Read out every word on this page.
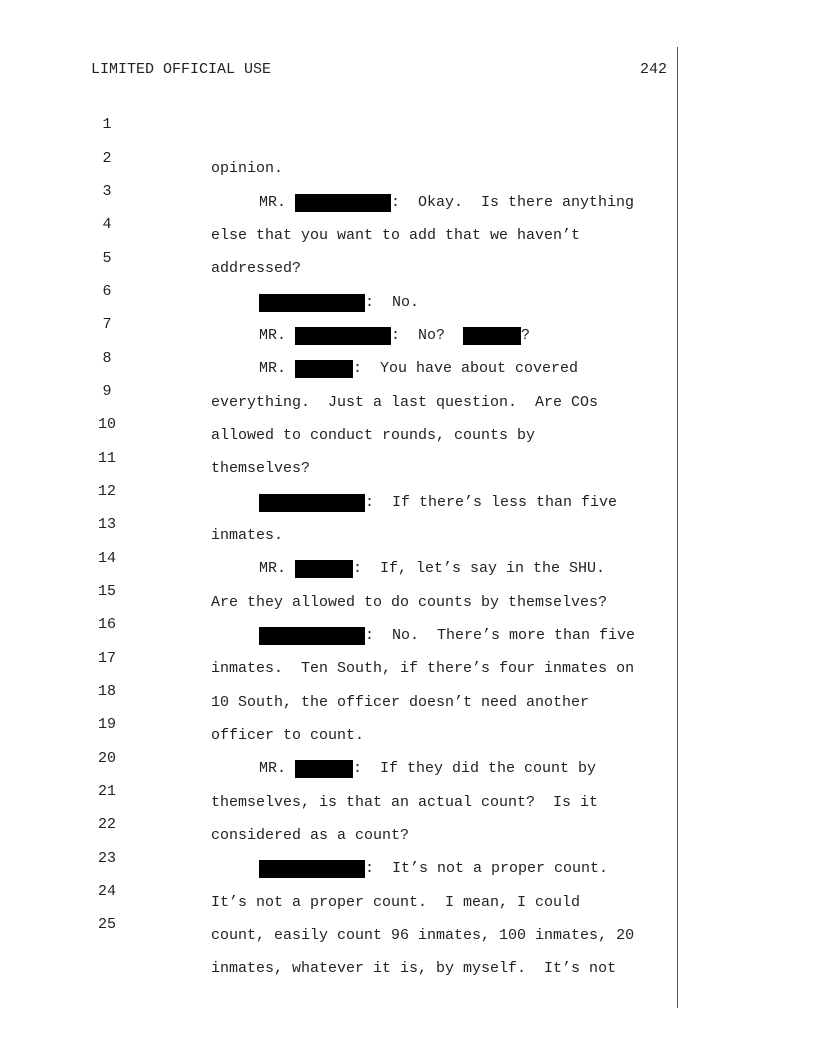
LIMITED OFFICIAL USE	242

1

opinion.

2

MR.	:  Okay.  Is there anything

3

else that you want to add that we haven’t

4

addressed?

5

:  No.

6

MR.	:  No?	?

7

MR.	:  You have about covered

8

everything.  Just a last question.  Are COs

9

allowed to conduct rounds, counts by

10

themselves?

11

:  If there’s less than five

12

inmates.

13

MR.	:  If, let’s say in the SHU.

14

Are they allowed to do counts by themselves?

15

:  No.  There’s more than five

16

inmates.  Ten South, if there’s four inmates on

17

10 South, the officer doesn’t need another

18

officer to count.

19

MR.	:  If they did the count by

20

themselves, is that an actual count?  Is it

21

considered as a count?

22

:  It’s not a proper count.

23

It’s not a proper count.  I mean, I could

24

count, easily count 96 inmates, 100 inmates, 20

25

inmates, whatever it is, by myself.  It’s not
